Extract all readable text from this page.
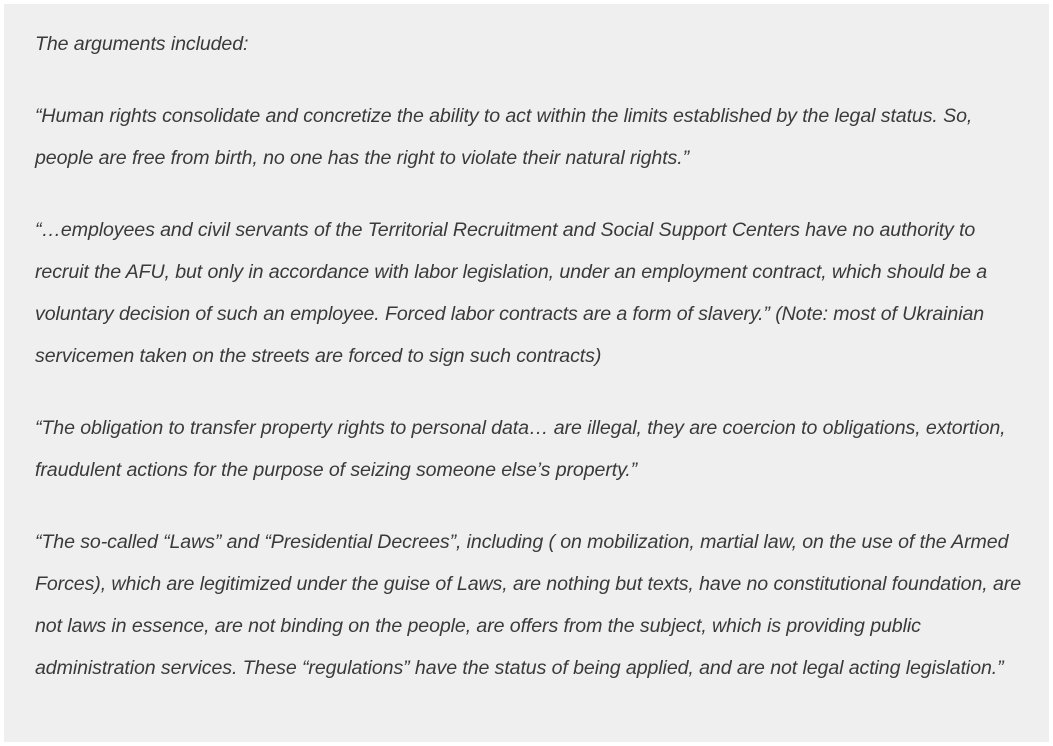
The arguments included:

“Human rights consolidate and concretize the ability to act within the limits established by the legal status. So, people are free from birth, no one has the right to violate their natural rights.”

“…employees and civil servants of the Territorial Recruitment and Social Support Centers have no authority to recruit the AFU, but only in accordance with labor legislation, under an employment contract, which should be a voluntary decision of such an employee. Forced labor contracts are a form of slavery.” (Note: most of Ukrainian servicemen taken on the streets are forced to sign such contracts)

“The obligation to transfer property rights to personal data… are illegal, they are coercion to obligations, extortion, fraudulent actions for the purpose of seizing someone else’s property.”

“The so-called “Laws” and “Presidential Decrees”, including ( on mobilization, martial law, on the use of the Armed Forces), which are legitimized under the guise of Laws, are nothing but texts, have no constitutional foundation, are not laws in essence, are not binding on the people, are offers from the subject, which is providing public administration services. These “regulations” have the status of being applied, and are not legal acting legislation.”
